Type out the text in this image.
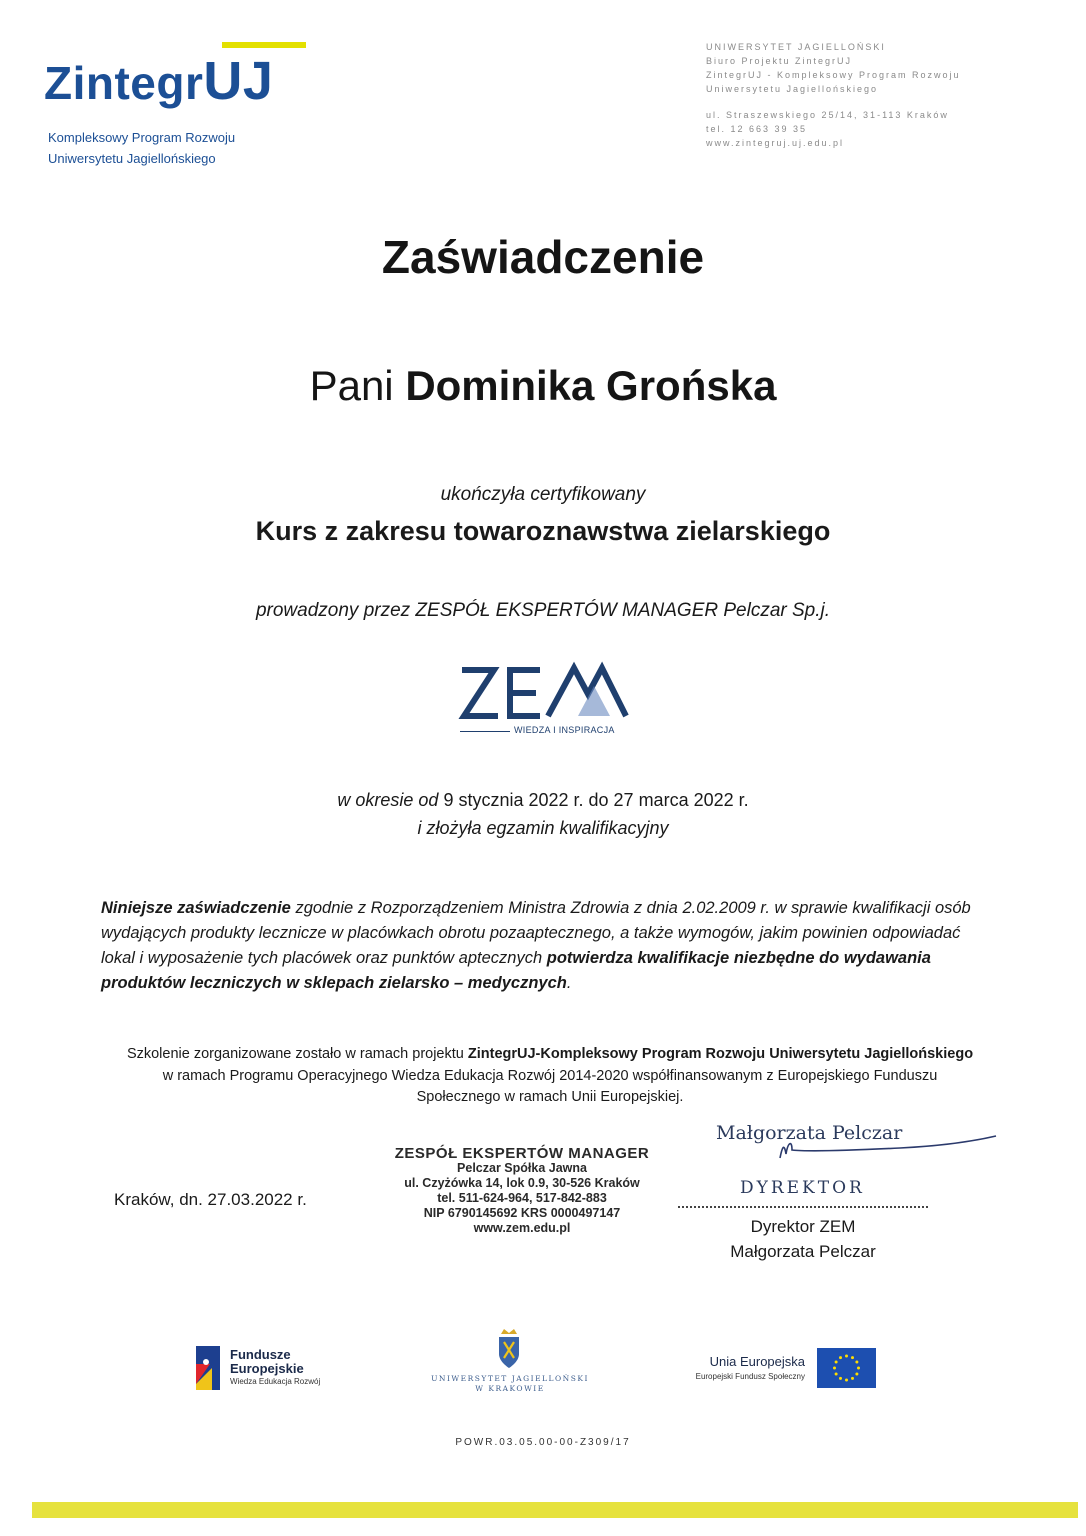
ZintegrUJ
Kompleksowy Program Rozwoju
Uniwersytetu Jagiellońskiego
UNIWERSYTET JAGIELLOŃSKI
Biuro Projektu ZintegrUJ
ZintegrUJ - Kompleksowy Program Rozwoju
Uniwersytetu Jagiellońskiego
ul. Straszewskiego 25/14, 31-113 Kraków
tel. 12 663 39 35
www.zintegruj.uj.edu.pl
Zaświadczenie
Pani Dominika Grońska
ukończyła certyfikowany
Kurs z zakresu towaroznawstwa zielarskiego
prowadzony przez ZESPÓŁ EKSPERTÓW MANAGER Pelczar Sp.j.
WIEDZA I INSPIRACJA
w okresie od 9 stycznia 2022 r. do 27 marca 2022 r.
i złożyła egzamin kwalifikacyjny
Niniejsze zaświadczenie zgodnie z Rozporządzeniem Ministra Zdrowia z dnia 2.02.2009 r. w sprawie kwalifikacji osób wydających produkty lecznicze w placówkach obrotu pozaaptecznego, a także wymogów, jakim powinien odpowiadać lokal i wyposażenie tych placówek oraz punktów aptecznych potwierdza kwalifikacje niezbędne do wydawania produktów leczniczych w sklepach zielarsko – medycznych.
Szkolenie zorganizowane zostało w ramach projektu ZintegrUJ-Kompleksowy Program Rozwoju Uniwersytetu Jagiellońskiego w ramach Programu Operacyjnego Wiedza Edukacja Rozwój 2014-2020 współfinansowanym z Europejskiego Funduszu Społecznego w ramach Unii Europejskiej.
Kraków, dn. 27.03.2022 r.
ZESPÓŁ EKSPERTÓW MANAGER
Pelczar Spółka Jawna
ul. Czyżówka 14, lok 0.9, 30-526 Kraków
tel. 511-624-964, 517-842-883
NIP 6790145692 KRS 0000497147
www.zem.edu.pl
Małgorzata Pelczar
DYREKTOR
Dyrektor ZEM
Małgorzata Pelczar
Fundusze
Europejskie
Wiedza Edukacja Rozwój	UNIWERSYTET JAGIELLOŃSKI
W KRAKOWIE
Unia Europejska
Europejski Fundusz Społeczny
POWR.03.05.00-00-Z309/17
